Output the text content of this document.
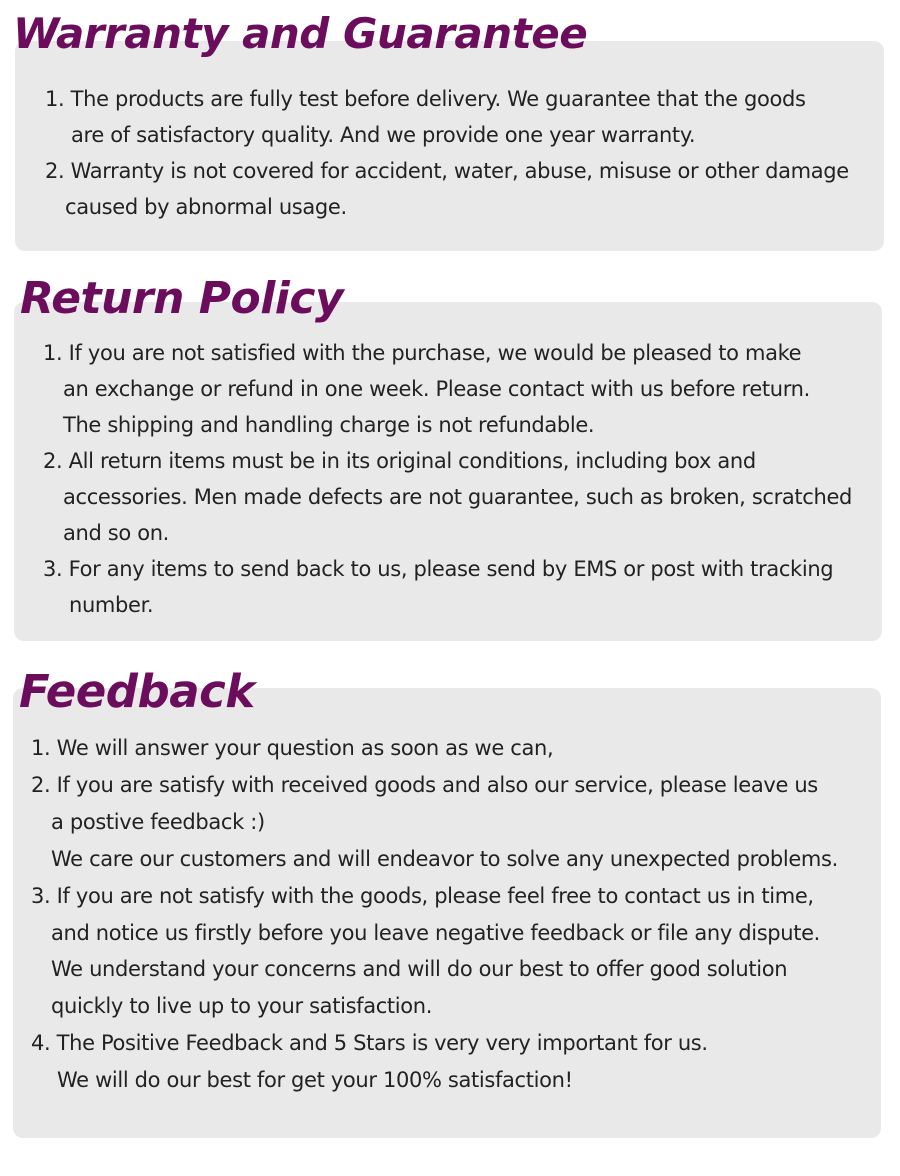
Warranty and Guarantee
1. The products are fully test before delivery. We guarantee that the goods
are of satisfactory quality. And we provide one year warranty.
2. Warranty is not covered for accident, water, abuse, misuse or other damage
caused by abnormal usage.
Return Policy
1. If you are not satisfied with the purchase, we would be pleased to make
an exchange or refund in one week. Please contact with us before return.
The shipping and handling charge is not refundable.
2. All return items must be in its original conditions, including box and
accessories. Men made defects are not guarantee, such as broken, scratched
and so on.
3. For any items to send back to us, please send by EMS or post with tracking
number.
Feedback
1. We will answer your question as soon as we can,
2. If you are satisfy with received goods and also our service, please leave us
a postive feedback :)
We care our customers and will endeavor to solve any unexpected problems.
3. If you are not satisfy with the goods, please feel free to contact us in time,
and notice us firstly before you leave negative feedback or file any dispute.
We understand your concerns and will do our best to offer good solution
quickly to live up to your satisfaction.
4. The Positive Feedback and 5 Stars is very very important for us.
We will do our best for get your 100% satisfaction!
